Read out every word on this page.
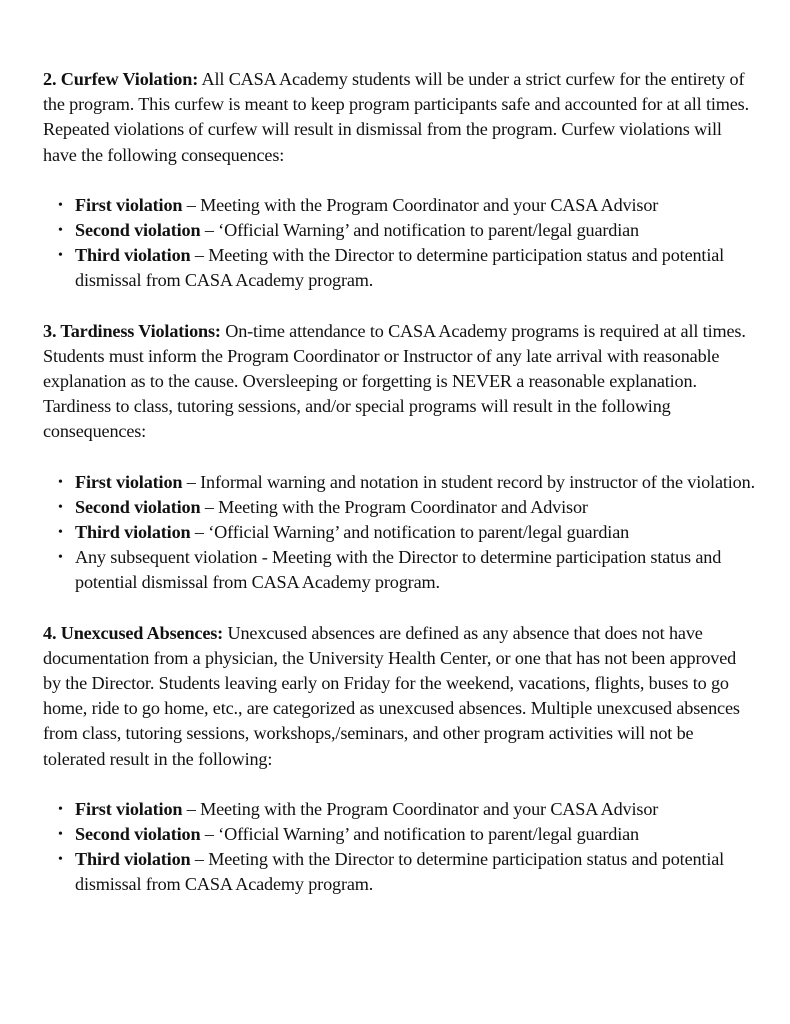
2. Curfew Violation: All CASA Academy students will be under a strict curfew for the entirety of the program. This curfew is meant to keep program participants safe and accounted for at all times. Repeated violations of curfew will result in dismissal from the program. Curfew violations will have the following consequences:

• First violation – Meeting with the Program Coordinator and your CASA Advisor
• Second violation – ‘Official Warning’ and notification to parent/legal guardian
• Third violation – Meeting with the Director to determine participation status and potential dismissal from CASA Academy program.

3. Tardiness Violations: On-time attendance to CASA Academy programs is required at all times. Students must inform the Program Coordinator or Instructor of any late arrival with reasonable explanation as to the cause. Oversleeping or forgetting is NEVER a reasonable explanation. Tardiness to class, tutoring sessions, and/or special programs will result in the following consequences:

• First violation – Informal warning and notation in student record by instructor of the violation.
• Second violation – Meeting with the Program Coordinator and Advisor
• Third violation – ‘Official Warning’ and notification to parent/legal guardian
• Any subsequent violation - Meeting with the Director to determine participation status and potential dismissal from CASA Academy program.

4. Unexcused Absences: Unexcused absences are defined as any absence that does not have documentation from a physician, the University Health Center, or one that has not been approved by the Director. Students leaving early on Friday for the weekend, vacations, flights, buses to go home, ride to go home, etc., are categorized as unexcused absences. Multiple unexcused absences from class, tutoring sessions, workshops,/seminars, and other program activities will not be tolerated result in the following:

• First violation – Meeting with the Program Coordinator and your CASA Advisor
• Second violation – ‘Official Warning’ and notification to parent/legal guardian
• Third violation – Meeting with the Director to determine participation status and potential dismissal from CASA Academy program.
